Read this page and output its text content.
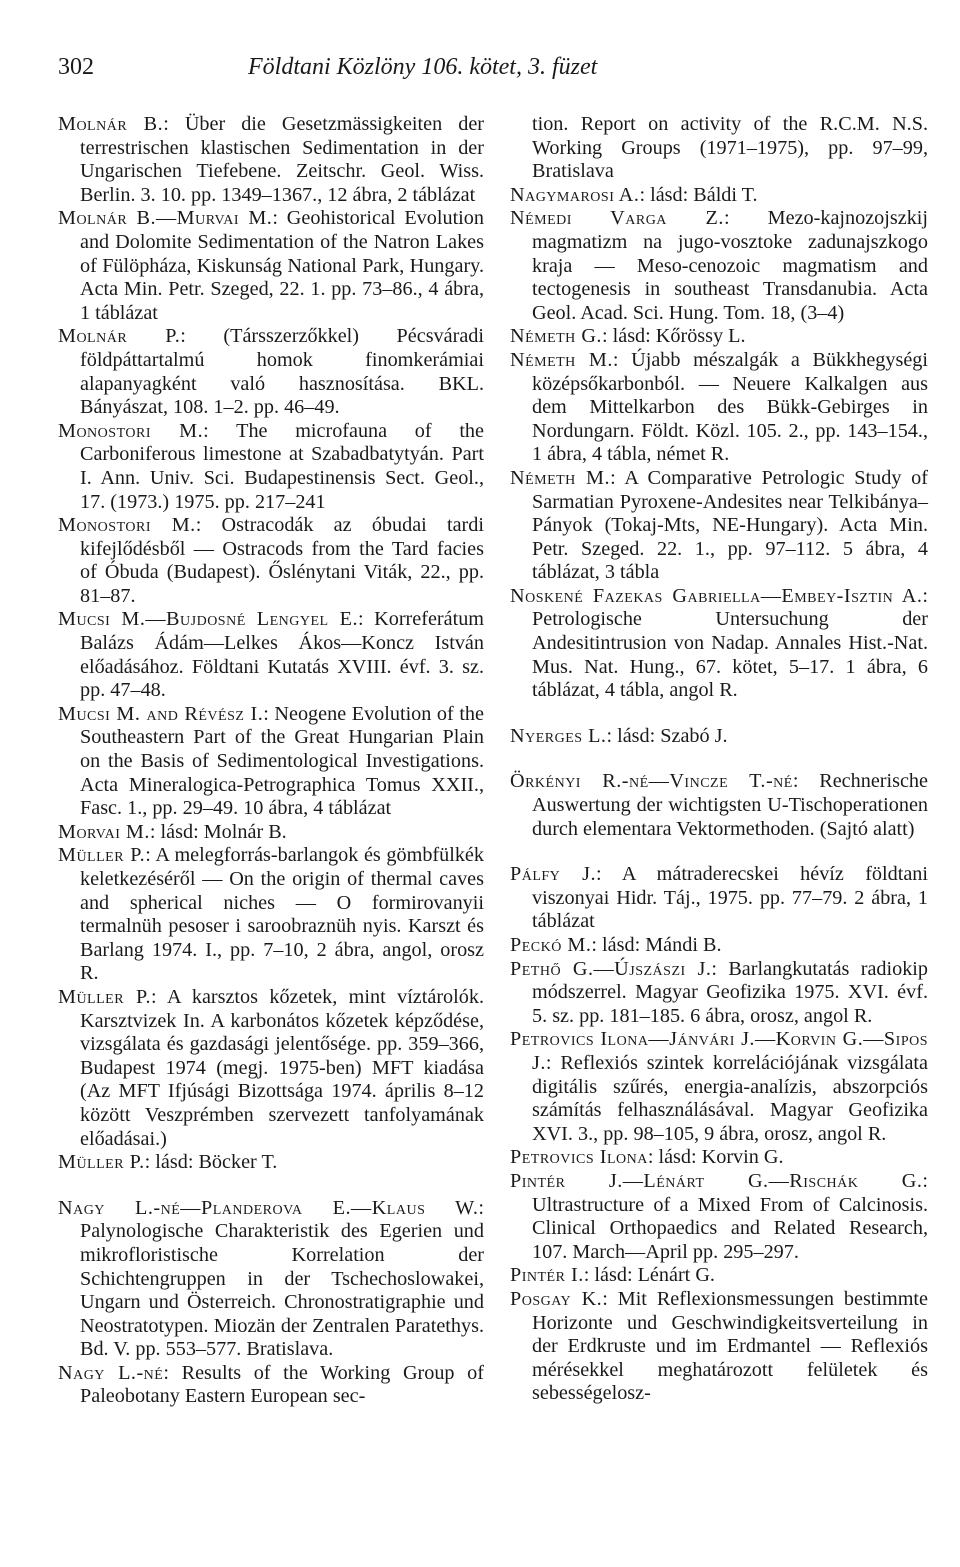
302	Földtani Közlöny 106. kötet, 3. füzet

Molnár B.: Über die Gesetzmässigkeiten der terrestrischen klastischen Sedimentation in der Ungarischen Tiefebene. Zeitschr. Geol. Wiss. Berlin. 3. 10. pp. 1349–1367., 12 ábra, 2 táblázat

Molnár B.—Murvai M.: Geohistorical Evolution and Dolomite Sedimentation of the Natron Lakes of Fülöpháza, Kiskunság National Park, Hungary. Acta Min. Petr. Szeged, 22. 1. pp. 73–86., 4 ábra, 1 táblázat

Molnár P.: (Társszerzőkkel) Pécsváradi földpáttartalmú homok finomkerámiai alapanyagként való hasznosítása. BKL. Bányászat, 108. 1–2. pp. 46–49.

Monostori M.: The microfauna of the Carboniferous limestone at Szabadbatytyán. Part I. Ann. Univ. Sci. Budapestinensis Sect. Geol., 17. (1973.) 1975. pp. 217–241

Monostori M.: Ostracodák az óbudai tardi kifejlődésből — Ostracods from the Tard facies of Óbuda (Budapest). Őslénytani Viták, 22., pp. 81–87.

Mucsi M.—Bujdosné Lengyel E.: Korreferátum Balázs Ádám—Lelkes Ákos—Koncz István előadásához. Földtani Kutatás XVIII. évf. 3. sz. pp. 47–48.

Mucsi M. and Révész I.: Neogene Evolution of the Southeastern Part of the Great Hungarian Plain on the Basis of Sedimentological Investigations. Acta Mineralogica-Petrographica Tomus XXII., Fasc. 1., pp. 29–49. 10 ábra, 4 táblázat

Morvai M.: lásd: Molnár B.

Müller P.: A melegforrás-barlangok és gömbfülkék keletkezéséről — On the origin of thermal caves and spherical niches — O formirovanyii termalnüh pesoser i saroobraznüh nyis. Karszt és Barlang 1974. I., pp. 7–10, 2 ábra, angol, orosz R.

Müller P.: A karsztos kőzetek, mint víztárolók. Karsztvizek In. A karbonátos kőzetek képződése, vizsgálata és gazdasági jelentősége. pp. 359–366, Budapest 1974 (megj. 1975-ben) MFT kiadása (Az MFT Ifjúsági Bizottsága 1974. április 8–12 között Veszprémben szervezett tanfolyamának előadásai.)

Müller P.: lásd: Böcker T.

Nagy L.-né—Planderova E.—Klaus W.: Palynologische Charakteristik des Egerien und mikrofloristische Korrelation der Schichtengruppen in der Tschechoslowakei, Ungarn und Österreich. Chronostratigraphie und Neostratotypen. Miozän der Zentralen Paratethys. Bd. V. pp. 553–577. Bratislava.

Nagy L.-né: Results of the Working Group of Paleobotany Eastern European sec-

tion. Report on activity of the R.C.M. N.S. Working Groups (1971–1975), pp. 97–99, Bratislava

Nagymarosi A.: lásd: Báldi T.

Némedi Varga Z.: Mezo-kajnozojszkij magmatizm na jugo-vosztoke zadunajszkogo kraja — Meso-cenozoic magmatism and tectogenesis in southeast Transdanubia. Acta Geol. Acad. Sci. Hung. Tom. 18, (3–4)

Németh G.: lásd: Kőrössy L.

Németh M.: Újabb mészalgák a Bükkhegységi középsőkarbonból. — Neuere Kalkalgen aus dem Mittelkarbon des Bükk-Gebirges in Nordungarn. Földt. Közl. 105. 2., pp. 143–154., 1 ábra, 4 tábla, német R.

Németh M.: A Comparative Petrologic Study of Sarmatian Pyroxene-Andesites near Telkibánya–Pányok (Tokaj-Mts, NE-Hungary). Acta Min. Petr. Szeged. 22. 1., pp. 97–112. 5 ábra, 4 táblázat, 3 tábla

Noskené Fazekas Gabriella—Embey-Isztin A.: Petrologische Untersuchung der Andesitintrusion von Nadap. Annales Hist.-Nat. Mus. Nat. Hung., 67. kötet, 5–17. 1 ábra, 6 táblázat, 4 tábla, angol R.

Nyerges L.: lásd: Szabó J.

Örkényi R.-né—Vincze T.-né: Rechnerische Auswertung der wichtigsten U-Tischoperationen durch elementara Vektormethoden. (Sajtó alatt)

Pálfy J.: A mátraderecskei hévíz földtani viszonyai Hidr. Táj., 1975. pp. 77–79. 2 ábra, 1 táblázat

Peckó M.: lásd: Mándi B.

Pethő G.—Újszászi J.: Barlangkutatás radiokip módszerrel. Magyar Geofizika 1975. XVI. évf. 5. sz. pp. 181–185. 6 ábra, orosz, angol R.

Petrovics Ilona—Jánvári J.—Korvin G.—Sipos J.: Reflexiós szintek korrelációjának vizsgálata digitális szűrés, energia-analízis, abszorpciós számítás felhasználásával. Magyar Geofizika XVI. 3., pp. 98–105, 9 ábra, orosz, angol R.

Petrovics Ilona: lásd: Korvin G.

Pintér J.—Lénárt G.—Rischák G.: Ultrastructure of a Mixed From of Calcinosis. Clinical Orthopaedics and Related Research, 107. March—April pp. 295–297.

Pintér I.: lásd: Lénárt G.

Posgay K.: Mit Reflexionsmessungen bestimmte Horizonte und Geschwindigkeitsverteilung in der Erdkruste und im Erdmantel — Reflexiós mérésekkel meghatározott felületek és sebességelosz-
